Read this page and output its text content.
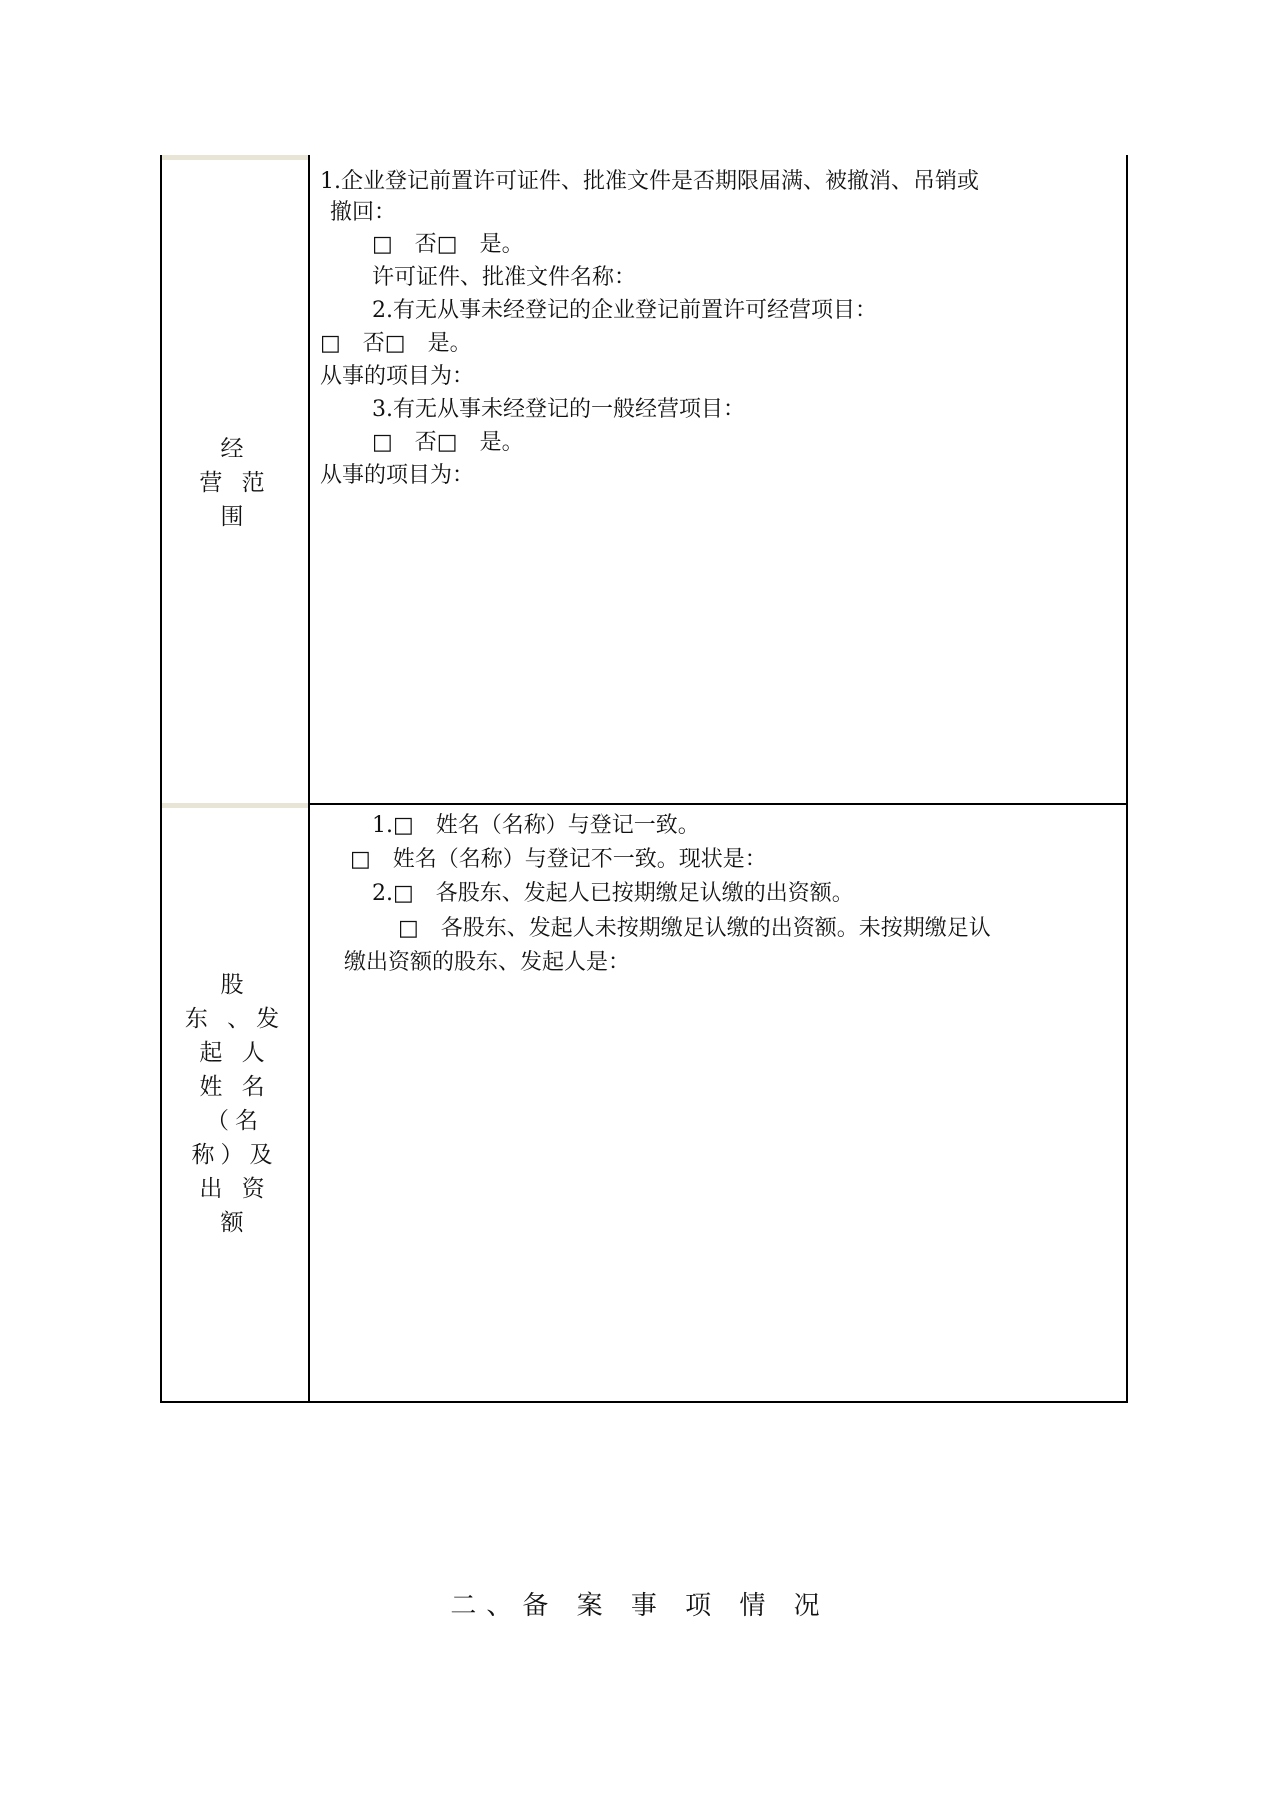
经
营 范
围
1.企业登记前置许可证件、批准文件是否期限届满、被撤消、吊销或
撤回：
□　否□　是。
许可证件、批准文件名称：
2.有无从事未经登记的企业登记前置许可经营项目：
□　否□　是。
从事的项目为：
3.有无从事未经登记的一般经营项目：
□　否□　是。
从事的项目为：
股
东 、发
起 人
姓 名
（名
称）及
出 资
额
1.□　姓名（名称）与登记一致。
□　姓名（名称）与登记不一致。现状是：
2.□　各股东、发起人已按期缴足认缴的出资额。
□　各股东、发起人未按期缴足认缴的出资额。未按期缴足认
缴出资额的股东、发起人是：
二、备 案 事 项 情 况
